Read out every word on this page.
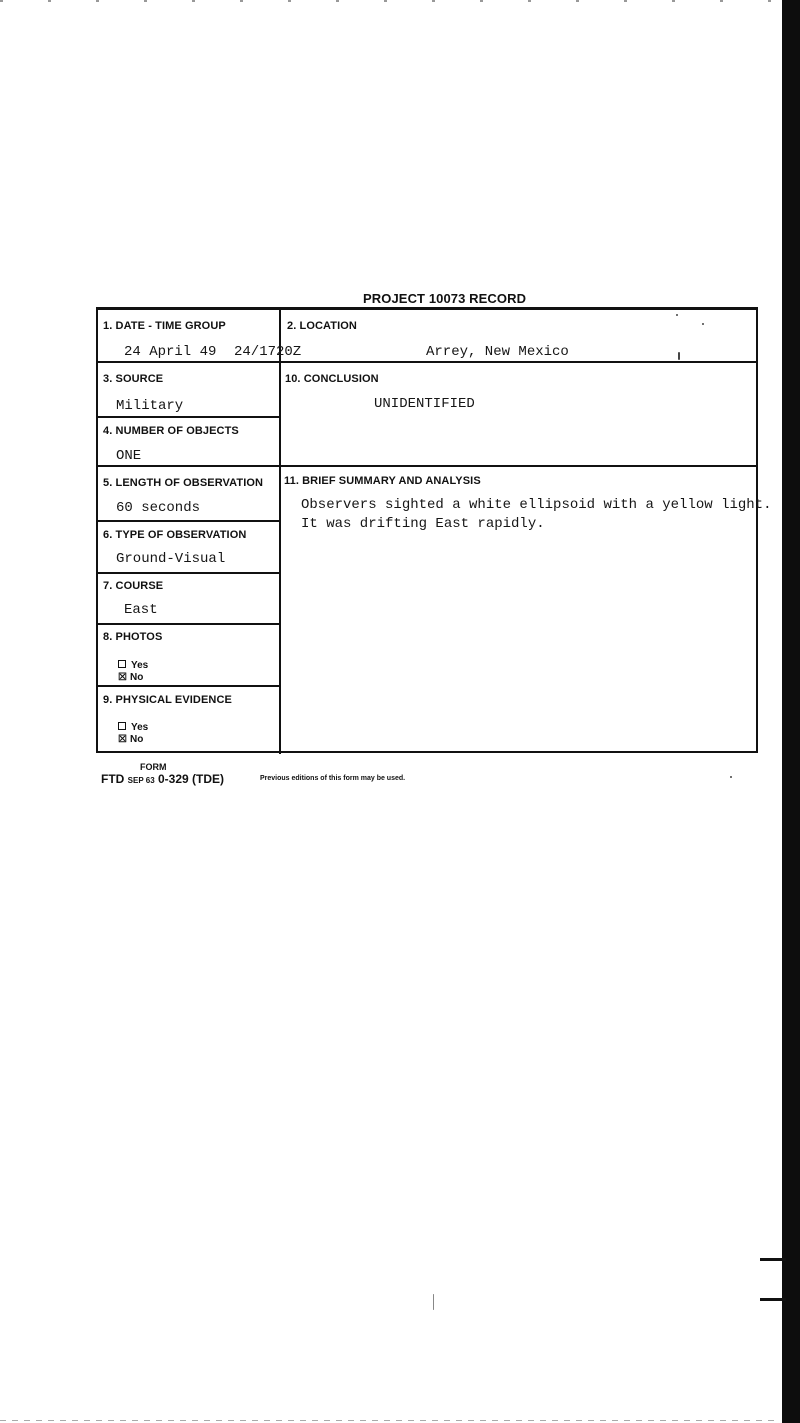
PROJECT 10073 RECORD
1. DATE - TIME GROUP
24 April 49 24/1720Z
2. LOCATION
Arrey, New Mexico
3. SOURCE
Military
10. CONCLUSION
UNIDENTIFIED
4. NUMBER OF OBJECTS
ONE
5. LENGTH OF OBSERVATION
60 seconds
11. BRIEF SUMMARY AND ANALYSIS
Observers sighted a white ellipsoid with a yellow light.
It was drifting East rapidly.
6. TYPE OF OBSERVATION
Ground-Visual
7. COURSE
East
8. PHOTOS
Yes
☒ No
9. PHYSICAL EVIDENCE
Yes
☒ No
FORM
FTD SEP 63 0-329 (TDE)	Previous editions of this form may be used.
